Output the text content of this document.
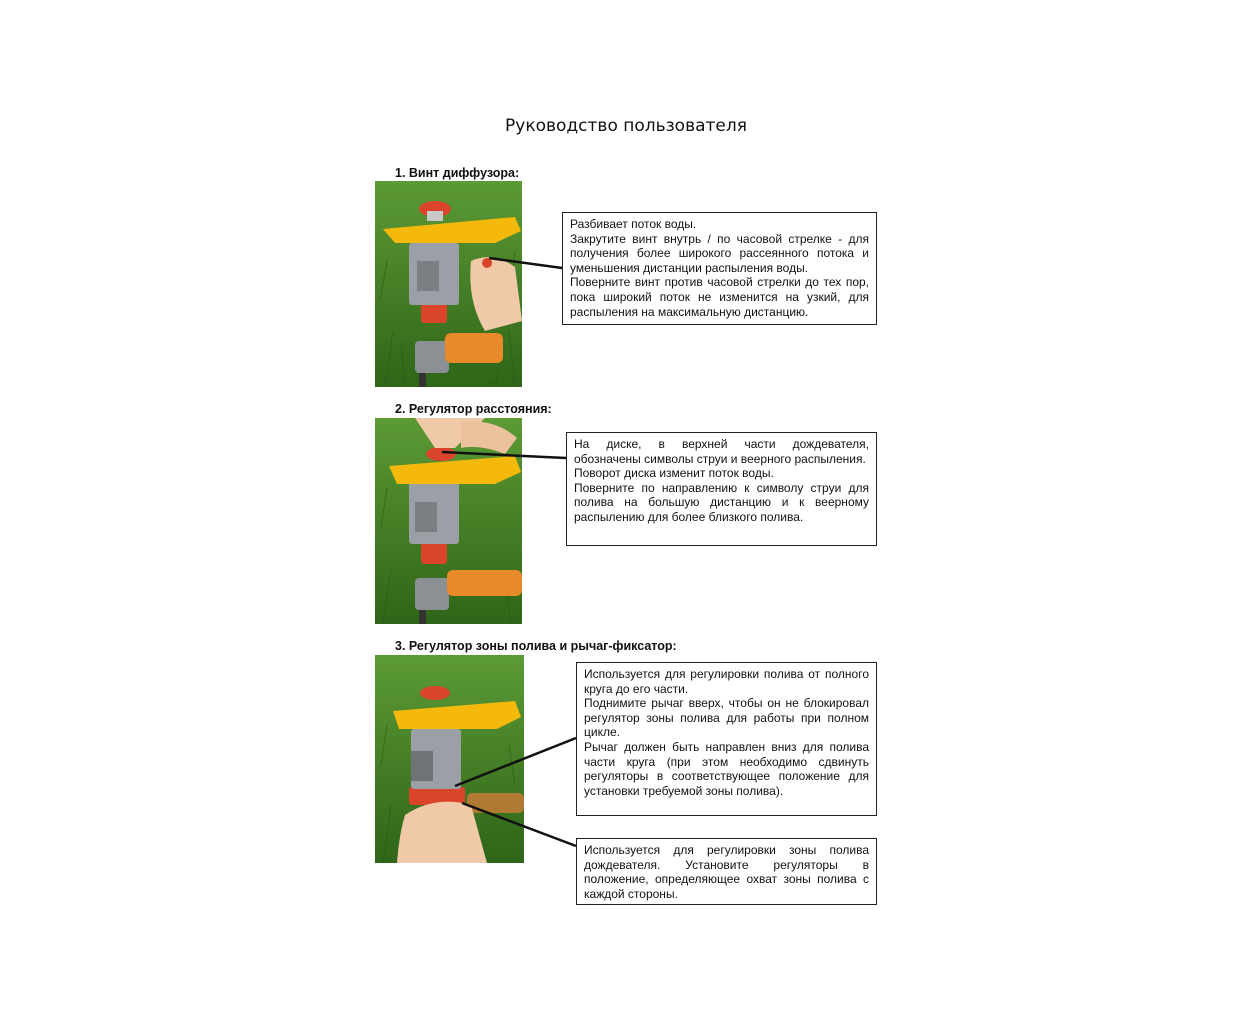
Руководство пользователя
1. Винт диффузора:

Разбивает поток воды.

Закрутите винт внутрь / по часовой стрелке - для получения более широкого рассеянного потока и уменьшения дистанции распыления воды.

Поверните винт против часовой стрелки до тех пор, пока широкий поток не изменится на узкий, для распыления на максимальную дистанцию.

2. Регулятор расстояния:

На диске, в верхней части дождевателя, обозначены символы струи и веерного распыления.

Поворот диска изменит поток воды.

Поверните по направлению к символу струи для полива на большую дистанцию и к веерному распылению для более близкого полива.

3. Регулятор зоны полива и рычаг-фиксатор:

Используется для регулировки полива от полного круга до его части.

Поднимите рычаг вверх, чтобы он не блокировал регулятор зоны полива для работы при полном цикле.

Рычаг должен быть направлен вниз для полива части круга (при этом необходимо сдвинуть регуляторы в соответствующее положение для установки требуемой зоны полива).

Используется для регулировки зоны полива дождевателя. Установите регуляторы в положение, определяющее охват зоны полива с каждой стороны.
